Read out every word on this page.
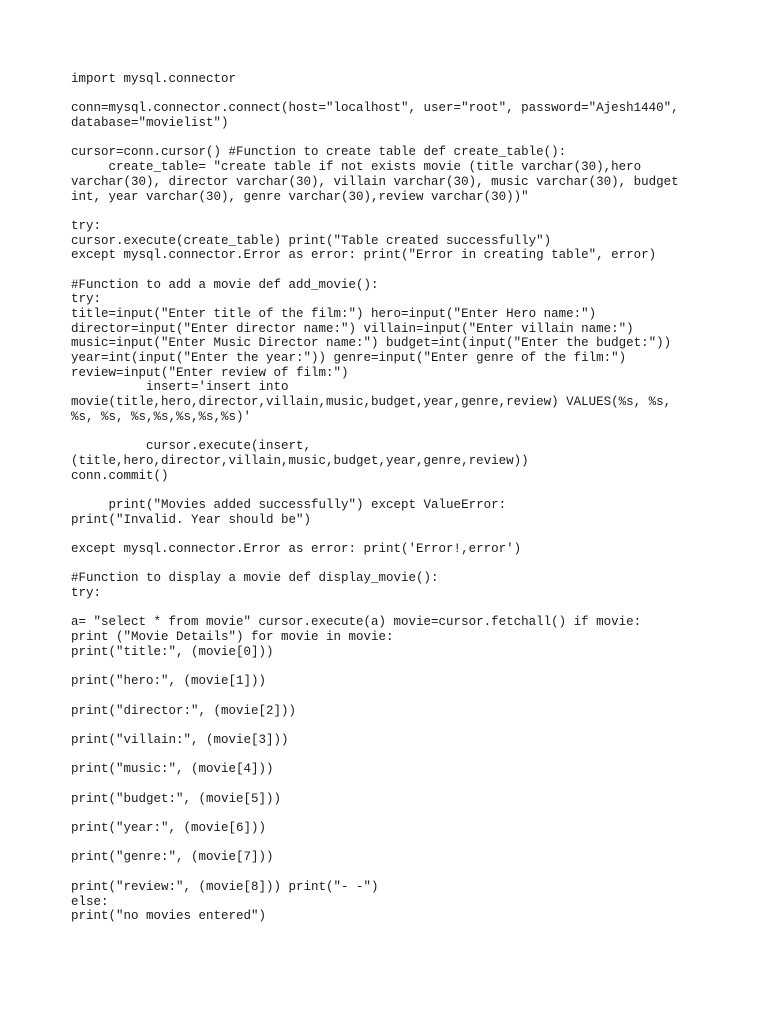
import mysql.connector
conn=mysql.connector.connect(host="localhost", user="root", password="Ajesh1440",
database="movielist")
cursor=conn.cursor() #Function to create table def create_table():
create_table= "create table if not exists movie (title varchar(30),hero
varchar(30), director varchar(30), villain varchar(30), music varchar(30), budget
int, year varchar(30), genre varchar(30),review varchar(30))"
try:
cursor.execute(create_table) print("Table created successfully")
except mysql.connector.Error as error: print("Error in creating table", error)
#Function to add a movie def add_movie():
try:
title=input("Enter title of the film:") hero=input("Enter Hero name:")
director=input("Enter director name:") villain=input("Enter villain name:")
music=input("Enter Music Director name:") budget=int(input("Enter the budget:"))
year=int(input("Enter the year:")) genre=input("Enter genre of the film:")
review=input("Enter review of film:")
insert='insert into
movie(title,hero,director,villain,music,budget,year,genre,review) VALUES(%s, %s,
%s, %s, %s,%s,%s,%s,%s)'
cursor.execute(insert,
(title,hero,director,villain,music,budget,year,genre,review))
conn.commit()
print("Movies added successfully") except ValueError:
print("Invalid. Year should be")
except mysql.connector.Error as error: print('Error!,error')
#Function to display a movie def display_movie():
try:
a= "select * from movie" cursor.execute(a) movie=cursor.fetchall() if movie:
print ("Movie Details") for movie in movie:
print("title:", (movie[0]))
print("hero:", (movie[1]))
print("director:", (movie[2]))
print("villain:", (movie[3]))
print("music:", (movie[4]))
print("budget:", (movie[5]))
print("year:", (movie[6]))
print("genre:", (movie[7]))
print("review:", (movie[8])) print("- -")
else:
print("no movies entered")
